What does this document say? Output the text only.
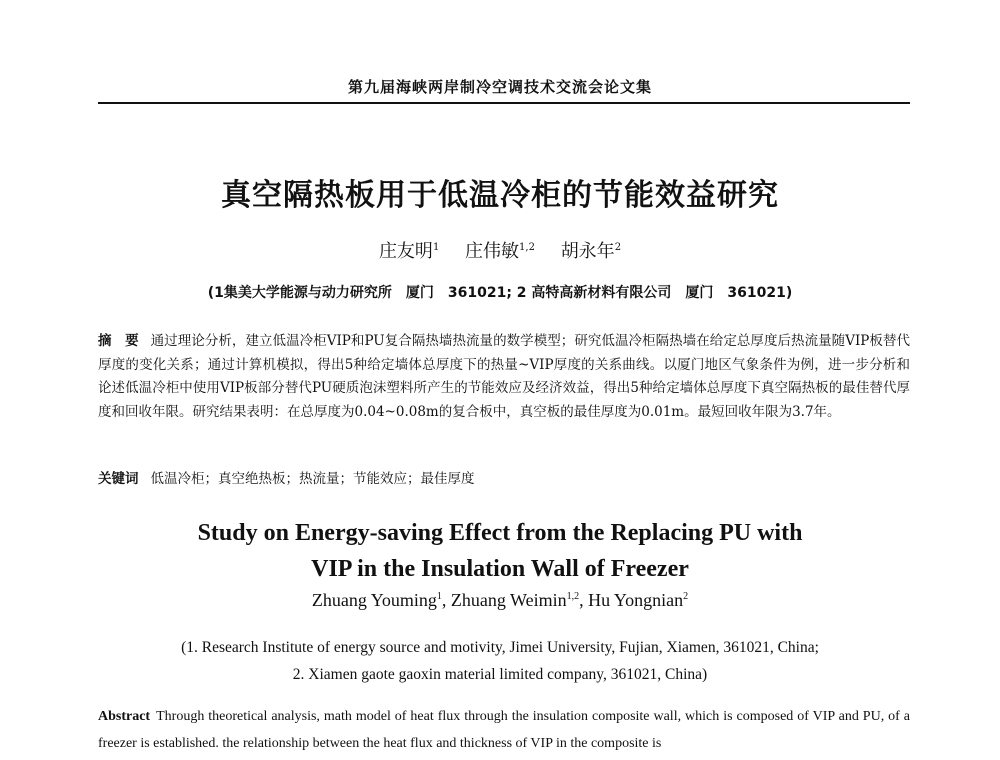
第九届海峡两岸制冷空调技术交流会论文集
真空隔热板用于低温冷柜的节能效益研究
庄友明$^1$ 庄伟敏$^{1,2}$ 胡永年$^2$
(1集美大学能源与动力研究所　厦门　361021; 2 高特高新材料有限公司　厦门　361021)
摘　要 通过理论分析，建立低温冷柜VIP和PU复合隔热墙热流量的数学模型；研究低温冷柜隔热墙在给定总厚度后热流量随VIP板替代厚度的变化关系；通过计算机模拟，得出5种给定墙体总厚度下的热量~VIP厚度的关系曲线。以厦门地区气象条件为例，进一步分析和论述低温冷柜中使用VIP板部分替代PU硬质泡沫塑料所产生的节能效应及经济效益，得出5种给定墙体总厚度下真空隔热板的最佳替代厚度和回收年限。研究结果表明：在总厚度为0.04~0.08m的复合板中，真空板的最佳厚度为0.01m。最短回收年限为3.7年。
关键词 低温冷柜；真空绝热板；热流量；节能效应；最佳厚度
Study on Energy-saving Effect from the Replacing PU with
VIP in the Insulation Wall of Freezer
Zhuang Youming$^1$, Zhuang Weimin$^{1,2}$, Hu Yongnian$^2$
(1. Research Institute of energy source and motivity, Jimei University, Fujian, Xiamen, 361021, China;
2. Xiamen gaote gaoxin material limited company, 361021, China)
Abstract Through theoretical analysis, math model of heat flux through the insulation composite wall, which is composed of VIP and PU, of a freezer is established. the relationship between the heat flux and thickness of VIP in the composite is
